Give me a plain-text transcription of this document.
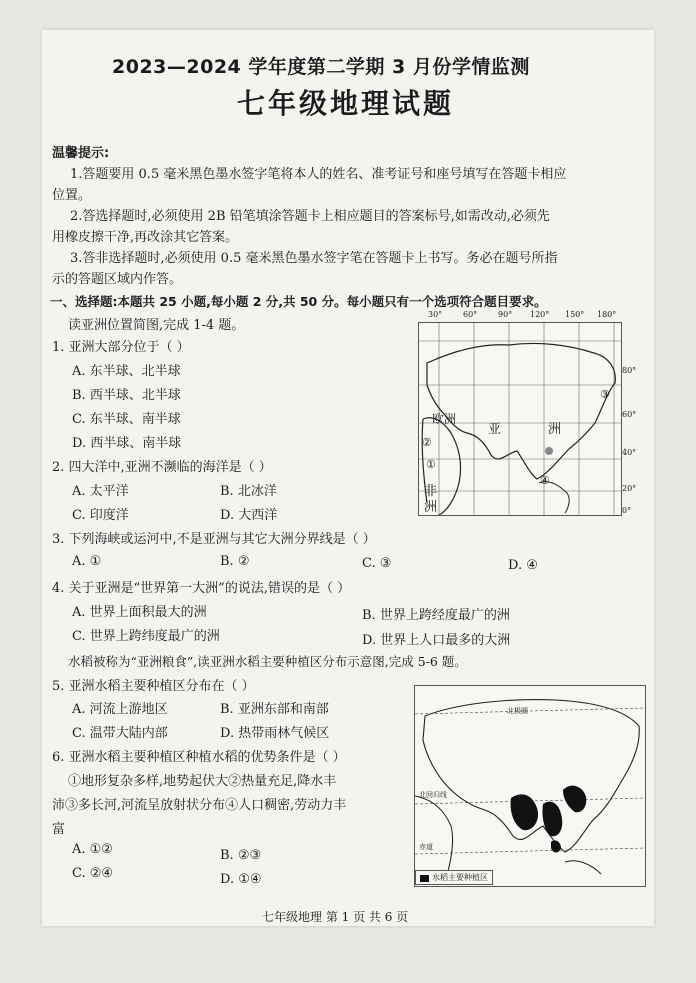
2023—2024 学年度第二学期 3 月份学情监测
七年级地理试题
温馨提示:
1.答题要用 0.5 毫米黑色墨水签字笔将本人的姓名、准考证号和座号填写在答题卡相应
位置。
2.答选择题时,必须使用 2B 铅笔填涂答题卡上相应题目的答案标号,如需改动,必须先
用橡皮擦干净,再改涂其它答案。
3.答非选择题时,必须使用 0.5 毫米黑色墨水签字笔在答题卡上书写。务必在题号所指
示的答题区域内作答。
一、选择题:本题共 25 小题,每小题 2 分,共 50 分。每小题只有一个选项符合题目要求。
读亚洲位置简图,完成 1-4 题。
1. 亚洲大部分位于（ ）
A. 东半球、北半球
B. 西半球、北半球
C. 东半球、南半球
D. 西半球、南半球
2. 四大洋中,亚洲不濒临的海洋是（ ）
A. 太平洋	B. 北冰洋
C. 印度洋	D. 大西洋
3. 下列海峡或运河中,不是亚洲与其它大洲分界线是（ ）
A. ①	B. ②	C. ③	D. ④
4. 关于亚洲是“世界第一大洲”的说法,错误的是（ ）
A. 世界上面积最大的洲	B. 世界上跨经度最广的洲
C. 世界上跨纬度最广的洲	D. 世界上人口最多的大洲
水稻被称为“亚洲粮食”,读亚洲水稻主要种植区分布示意图,完成 5-6 题。
5. 亚洲水稻主要种植区分布在（ ）
A. 河流上游地区	B. 亚洲东部和南部
C. 温带大陆内部	D. 热带雨林气候区
6. 亚洲水稻主要种植区种植水稻的优势条件是（ ）
①地形复杂多样,地势起伏大②热量充足,降水丰
沛③多长河,河流呈放射状分布④人口稠密,劳动力丰
富
A. ①②	B. ②③
C. ②④	D. ①④
30°	60°	90° 120° 150° 180°
80°
60°
40°
20°
0°
欧洲
亚	洲
非
洲
②
①
④
③
北极圈
北回归线
赤道
水稻主要种植区
七年级地理 第 1 页 共 6 页
